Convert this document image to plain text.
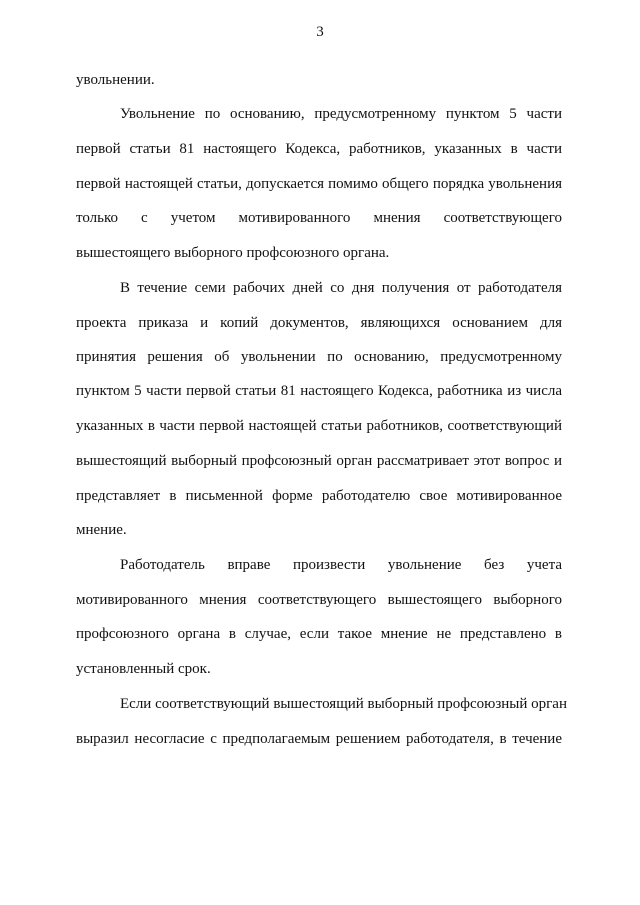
3
увольнении.
Увольнение по основанию, предусмотренному пунктом 5 части
первой статьи 81 настоящего Кодекса, работников, указанных в части
первой настоящей статьи, допускается помимо общего порядка увольнения
только с учетом мотивированного мнения соответствующего
вышестоящего выборного профсоюзного органа.
В течение семи рабочих дней со дня получения от работодателя
проекта приказа и копий документов, являющихся основанием для
принятия решения об увольнении по основанию, предусмотренному
пунктом 5 части первой статьи 81 настоящего Кодекса, работника из числа
указанных в части первой настоящей статьи работников, соответствующий
вышестоящий выборный профсоюзный орган рассматривает этот вопрос и
представляет в письменной форме работодателю свое мотивированное
мнение.
Работодатель вправе произвести увольнение без учета
мотивированного мнения соответствующего вышестоящего выборного
профсоюзного органа в случае, если такое мнение не представлено в
установленный срок.
Если соответствующий вышестоящий выборный профсоюзный орган
выразил несогласие с предполагаемым решением работодателя, в течение
